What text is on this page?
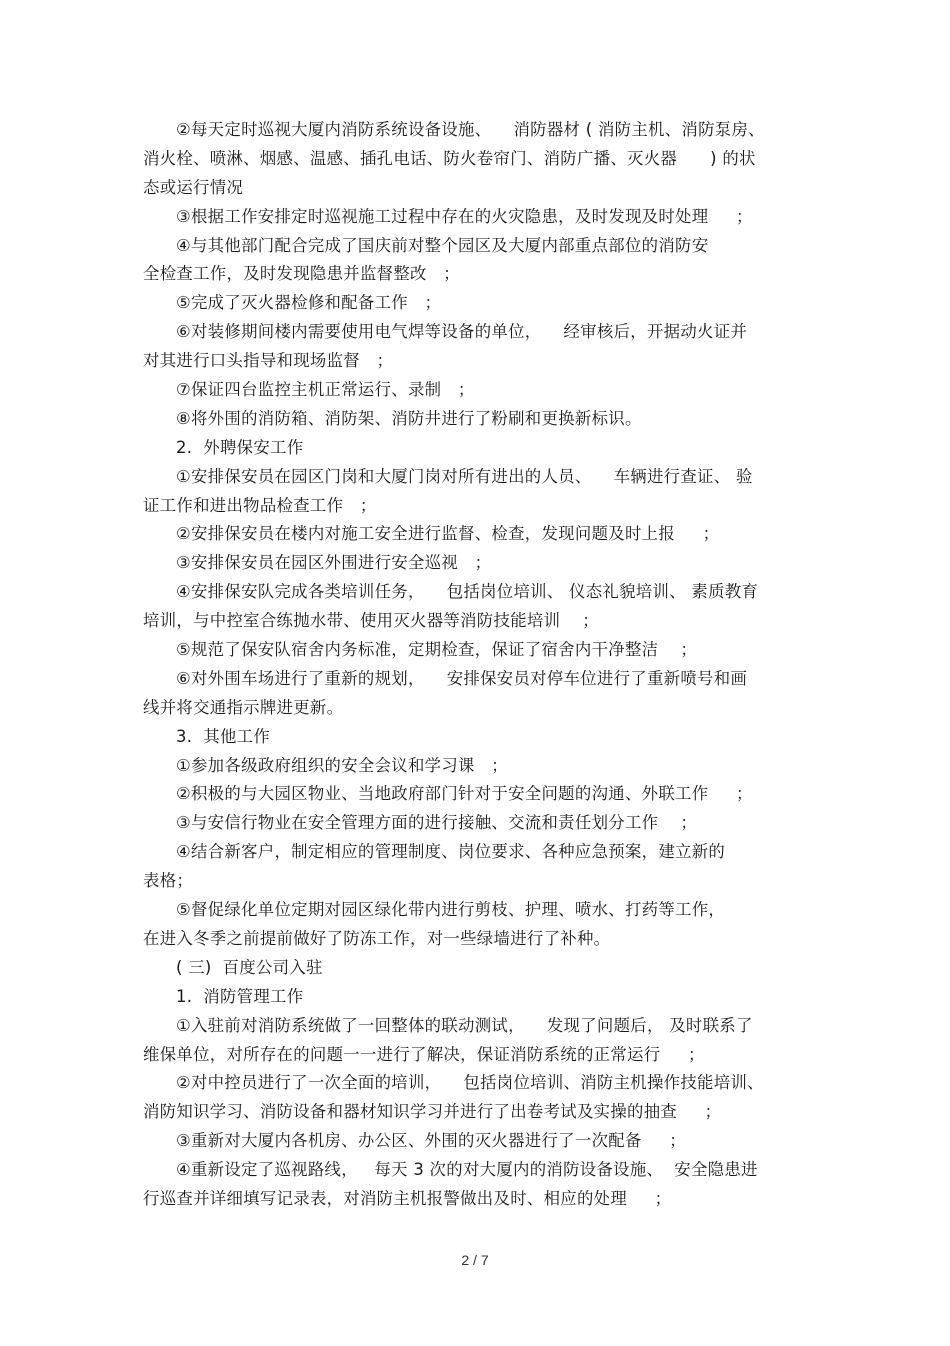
②每天定时巡视大厦内消防系统设备设施、    消防器材 ( 消防主机、消防泵房、
消火栓、喷淋、烟感、温感、插孔电话、防火卷帘门、消防广播、灭火器      ) 的状
态或运行情况
③根据工作安排定时巡视施工过程中存在的火灾隐患，及时发现及时处理     ；
④与其他部门配合完成了国庆前对整个园区及大厦内部重点部位的消防安
全检查工作，及时发现隐患并监督整改   ；
⑤完成了灭火器检修和配备工作   ；
⑥对装修期间楼内需要使用电气焊等设备的单位，    经审核后，开据动火证并
对其进行口头指导和现场监督   ；
⑦保证四台监控主机正常运行、录制   ；
⑧将外围的消防箱、消防架、消防井进行了粉刷和更换新标识。
2.  外聘保安工作
①安排保安员在园区门岗和大厦门岗对所有进出的人员、    车辆进行查证、 验
证工作和进出物品检查工作   ；
②安排保安员在楼内对施工安全进行监督、检查，发现问题及时上报     ；
③安排保安员在园区外围进行安全巡视   ；
④安排保安队完成各类培训任务，    包括岗位培训、 仪态礼貌培训、 素质教育
培训，与中控室合练抛水带、使用灭火器等消防技能培训    ；
⑤规范了保安队宿舍内务标准，定期检查，保证了宿舍内干净整洁    ；
⑥对外围车场进行了重新的规划，    安排保安员对停车位进行了重新喷号和画
线并将交通指示牌进更新。
3.  其他工作
①参加各级政府组织的安全会议和学习课   ；
②积极的与大园区物业、当地政府部门针对于安全问题的沟通、外联工作     ；
③与安信行物业在安全管理方面的进行接触、交流和责任划分工作    ；
④结合新客户，制定相应的管理制度、岗位要求、各种应急预案，建立新的
表格；
⑤督促绿化单位定期对园区绿化带内进行剪枝、护理、喷水、打药等工作，
在进入冬季之前提前做好了防冻工作，对一些绿墙进行了补种。
( 三)  百度公司入驻
1.  消防管理工作
①入驻前对消防系统做了一回整体的联动测试，    发现了问题后， 及时联系了
维保单位，对所存在的问题一一进行了解决，保证消防系统的正常运行     ；
②对中控员进行了一次全面的培训，    包括岗位培训、消防主机操作技能培训、
消防知识学习、消防设备和器材知识学习并进行了出卷考试及实操的抽查     ；
③重新对大厦内各机房、办公区、外围的灭火器进行了一次配备     ；
④重新设定了巡视路线，   每天 3 次的对大厦内的消防设备设施、  安全隐患进
行巡查并详细填写记录表，对消防主机报警做出及时、相应的处理     ；
2 / 7
